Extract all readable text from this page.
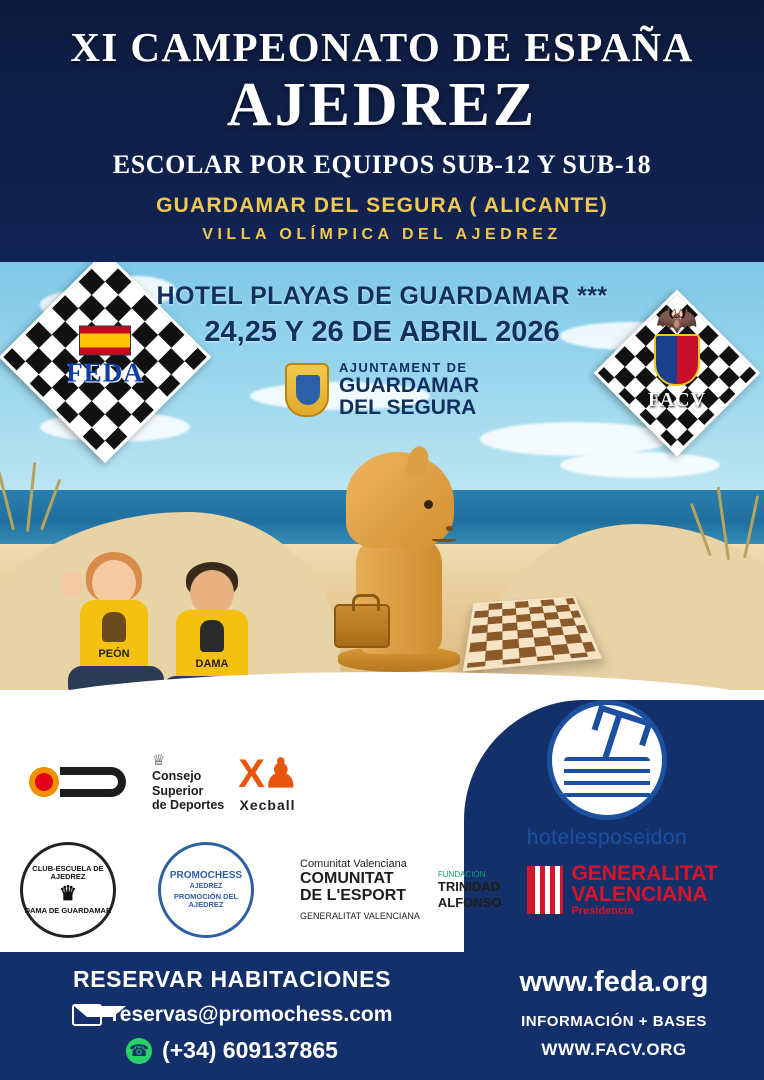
XI CAMPEONATO DE ESPAÑA
AJEDREZ
ESCOLAR POR EQUIPOS SUB-12 Y SUB-18
GUARDAMAR DEL SEGURA ( ALICANTE)
VILLA OLÍMPICA DEL AJEDREZ
FEDA
🦇
FACV
PEÓN
DAMA
HOTEL PLAYAS DE GUARDAMAR ***
24,25 Y 26 DE ABRIL 2026
AJUNTAMENT DE
GUARDAMAR
DEL SEGURA
♕
Consejo
Superior
de Deportes
X♟
Xecball
hotelesposeidon
CLUB-ESCUELA DE AJEDREZ
♛
DAMA DE GUARDAMAR
PROMOCHESS
AJEDREZ
PROMOCIÓN DEL AJEDREZ
Comunitat Valenciana
COMUNITAT
DE L'ESPORT
GENERALITAT VALENCIANA
FUNDACIÓN
TRINIDAD
ALFONSO
GENERALITAT
VALENCIANA
Presidencia
RESERVAR HABITACIONES
reservas@promochess.com
☎ (+34) 609137865
www.feda.org
INFORMACIÓN + BASES
WWW.FACV.ORG
